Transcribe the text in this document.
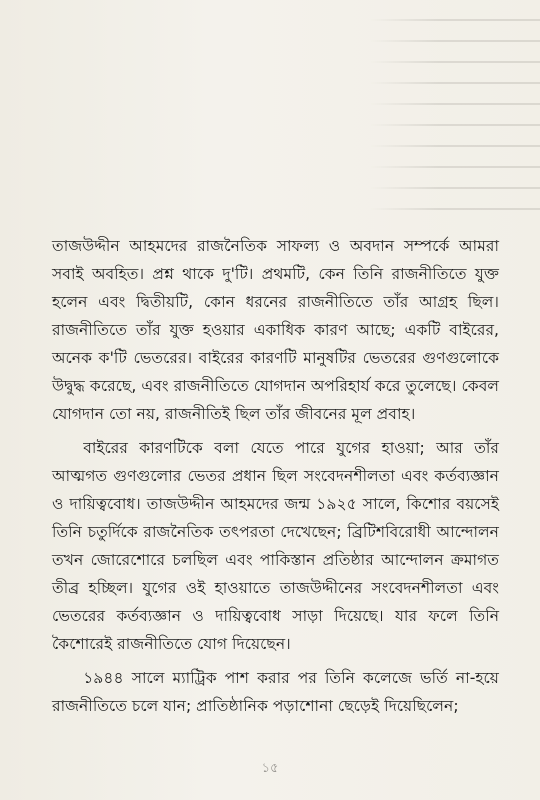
তাজউদ্দীন আহমদের রাজনৈতিক সাফল্য ও অবদান সম্পর্কে আমরা সবাই অবহিত। প্রশ্ন থাকে দু'টি। প্রথমটি, কেন তিনি রাজনীতিতে যুক্ত হলেন এবং দ্বিতীয়টি, কোন ধরনের রাজনীতিতে তাঁর আগ্রহ ছিল। রাজনীতিতে তাঁর যুক্ত হওয়ার একাধিক কারণ আছে; একটি বাইরের, অনেক ক'টি ভেতরের। বাইরের কারণটি মানুষটির ভেতরের গুণগুলোকে উদ্বুদ্ধ করেছে, এবং রাজনীতিতে যোগদান অপরিহার্য করে তুলেছে। কেবল যোগদান তো নয়, রাজনীতিই ছিল তাঁর জীবনের মূল প্রবাহ।

বাইরের কারণটিকে বলা যেতে পারে যুগের হাওয়া; আর তাঁর আত্মগত গুণগুলোর ভেতর প্রধান ছিল সংবেদনশীলতা এবং কর্তব্যজ্ঞান ও দায়িত্ববোধ। তাজউদ্দীন আহমদের জন্ম ১৯২৫ সালে, কিশোর বয়সেই তিনি চতুর্দিকে রাজনৈতিক তৎপরতা দেখেছেন; ব্রিটিশবিরোধী আন্দোলন তখন জোরেশোরে চলছিল এবং পাকিস্তান প্রতিষ্ঠার আন্দোলন ক্রমাগত তীব্র হচ্ছিল। যুগের ওই হাওয়াতে তাজউদ্দীনের সংবেদনশীলতা এবং ভেতরের কর্তব্যজ্ঞান ও দায়িত্ববোধ সাড়া দিয়েছে। যার ফলে তিনি কৈশোরেই রাজনীতিতে যোগ দিয়েছেন।

১৯৪৪ সালে ম্যাট্রিক পাশ করার পর তিনি কলেজে ভর্তি না-হয়ে রাজনীতিতে চলে যান; প্রাতিষ্ঠানিক পড়াশোনা ছেড়েই দিয়েছিলেন;

১৫
